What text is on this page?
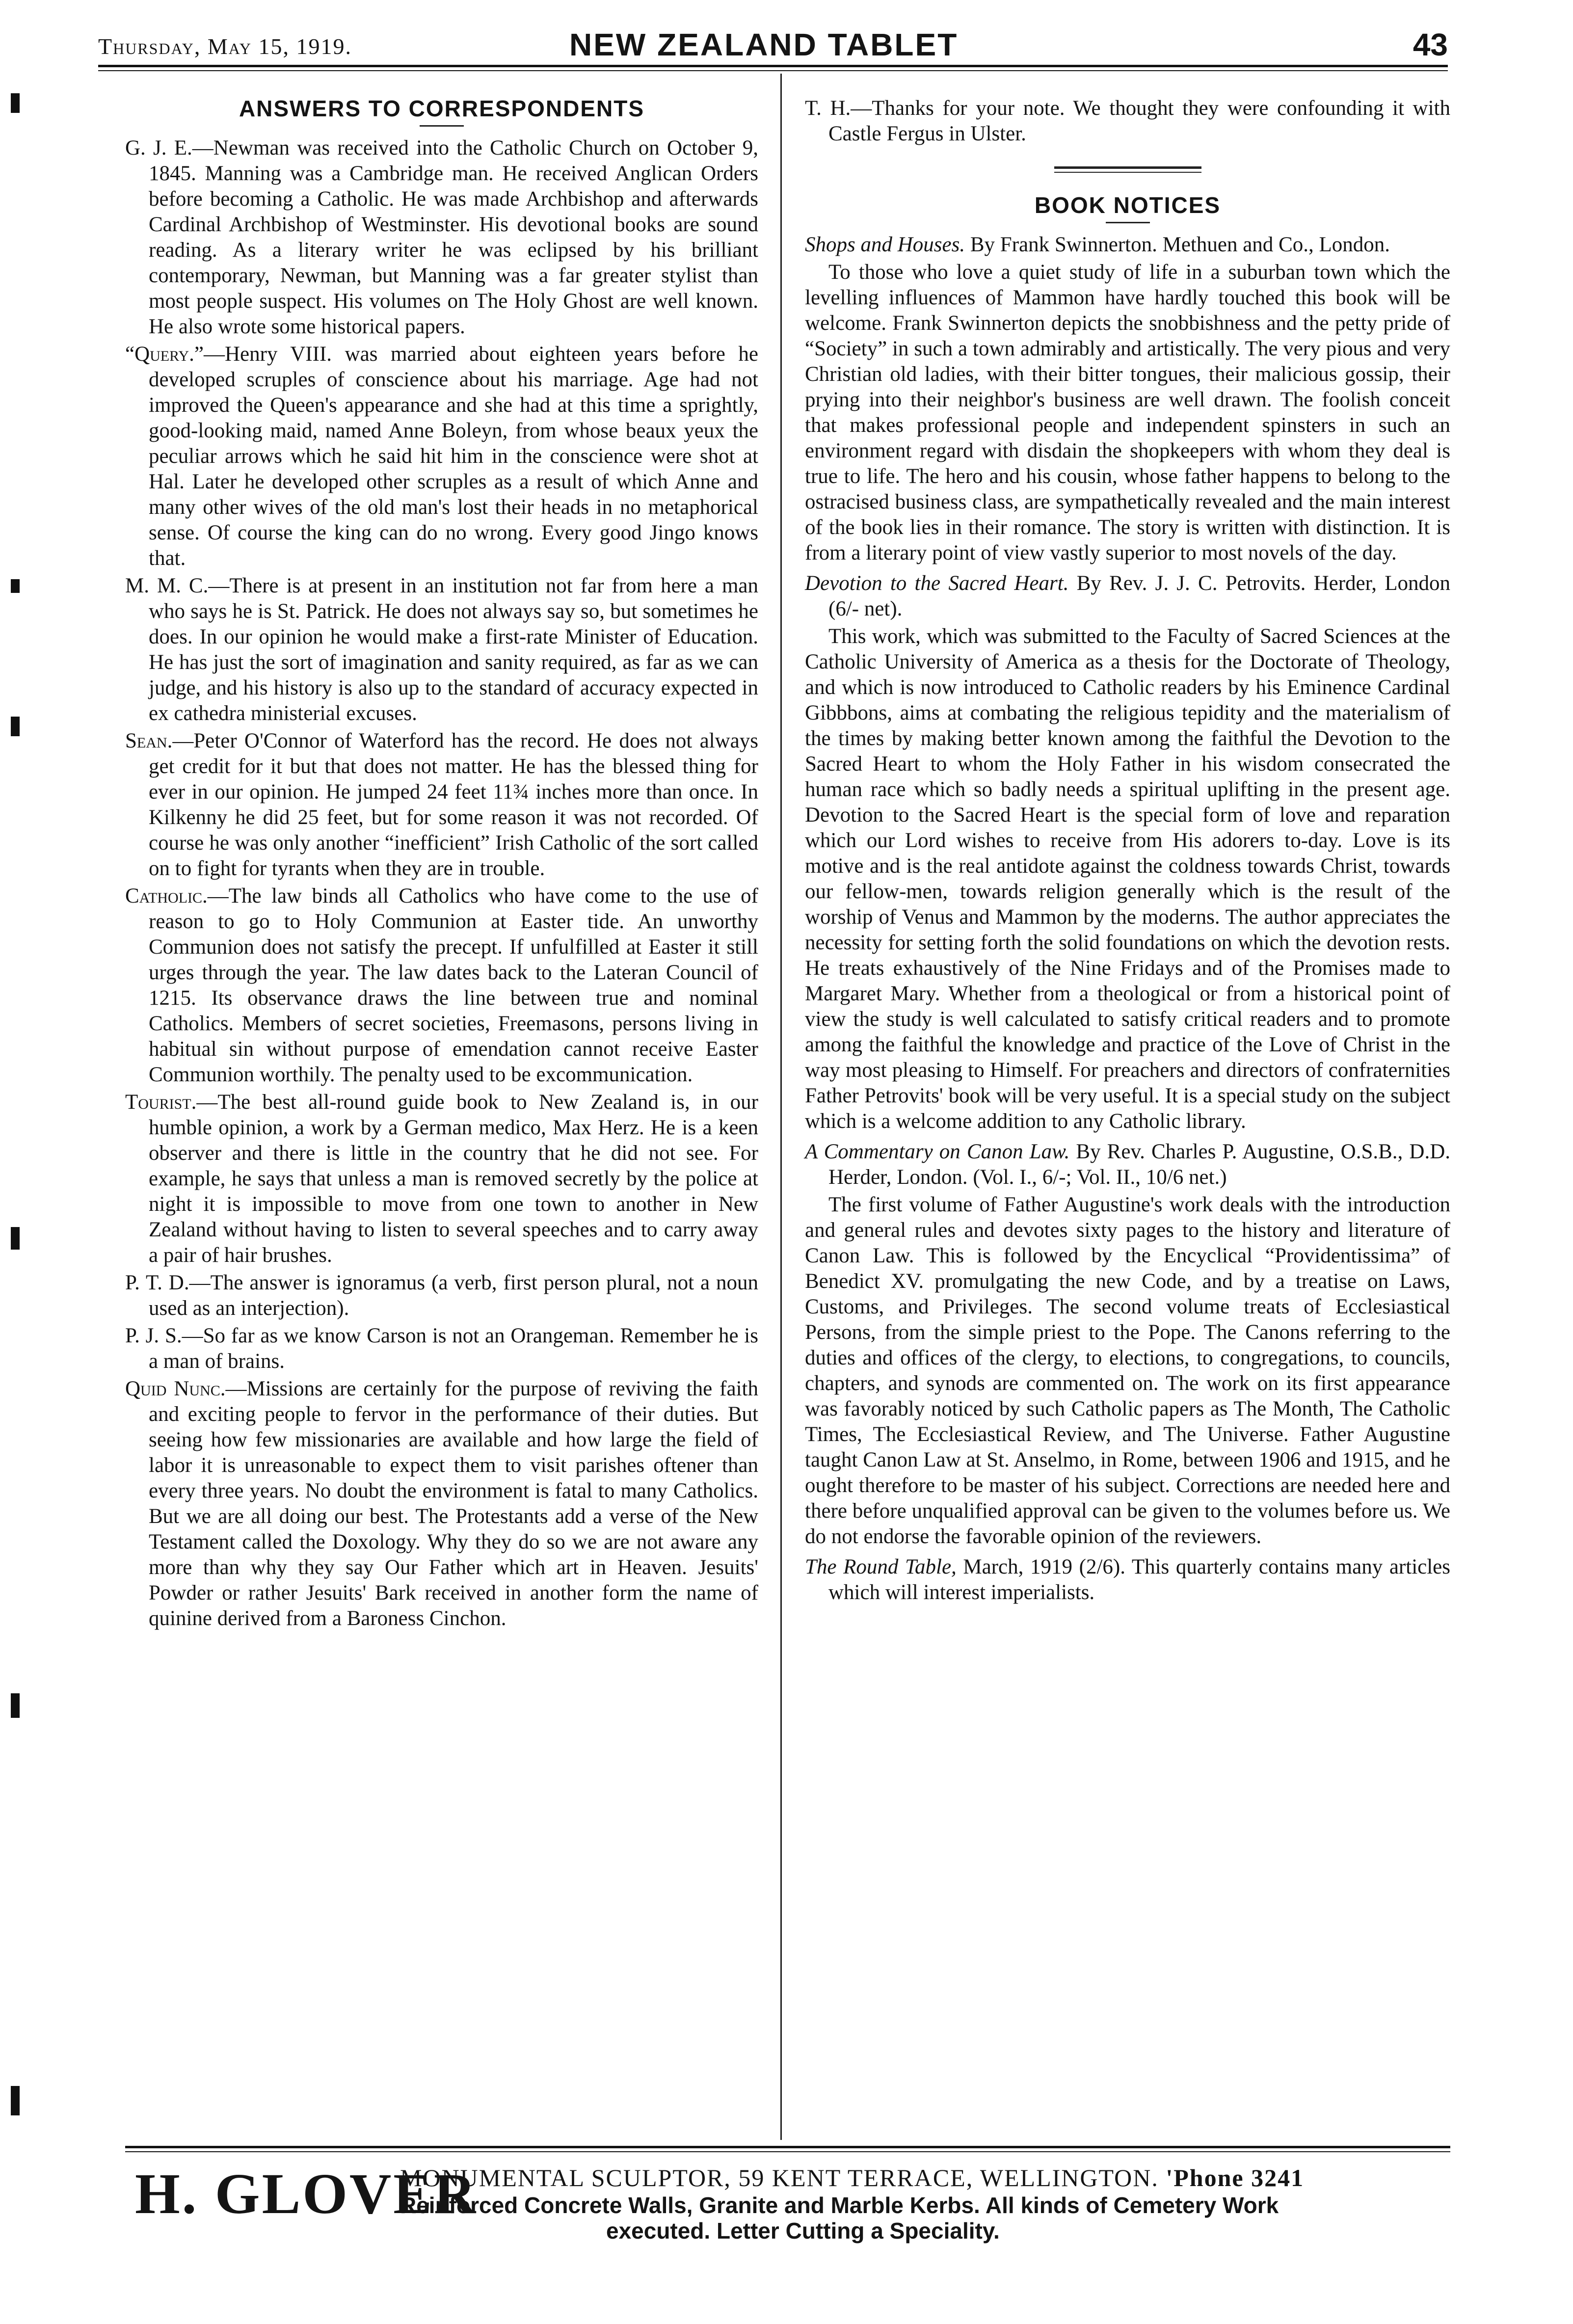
Thursday, May 15, 1919.	NEW ZEALAND TABLET	43
ANSWERS TO CORRESPONDENTS

G. J. E.—Newman was received into the Catholic Church on October 9, 1845. Manning was a Cambridge man. He received Anglican Orders before becoming a Catholic. He was made Archbishop and afterwards Cardinal Archbishop of Westminster. His devotional books are sound reading. As a literary writer he was eclipsed by his brilliant contemporary, Newman, but Manning was a far greater stylist than most people suspect. His volumes on The Holy Ghost are well known. He also wrote some historical papers.

“Query.”—Henry VIII. was married about eighteen years before he developed scruples of conscience about his marriage. Age had not improved the Queen's appearance and she had at this time a sprightly, good-looking maid, named Anne Boleyn, from whose beaux yeux the peculiar arrows which he said hit him in the conscience were shot at Hal. Later he developed other scruples as a result of which Anne and many other wives of the old man's lost their heads in no metaphorical sense. Of course the king can do no wrong. Every good Jingo knows that.

M. M. C.—There is at present in an institution not far from here a man who says he is St. Patrick. He does not always say so, but sometimes he does. In our opinion he would make a first-rate Minister of Education. He has just the sort of imagination and sanity required, as far as we can judge, and his history is also up to the standard of accuracy expected in ex cathedra ministerial excuses.

Sean.—Peter O'Connor of Waterford has the record. He does not always get credit for it but that does not matter. He has the blessed thing for ever in our opinion. He jumped 24 feet 11¾ inches more than once. In Kilkenny he did 25 feet, but for some reason it was not recorded. Of course he was only another “inefficient” Irish Catholic of the sort called on to fight for tyrants when they are in trouble.

Catholic.—The law binds all Catholics who have come to the use of reason to go to Holy Communion at Easter tide. An unworthy Communion does not satisfy the precept. If unfulfilled at Easter it still urges through the year. The law dates back to the Lateran Council of 1215. Its observance draws the line between true and nominal Catholics. Members of secret societies, Freemasons, persons living in habitual sin without purpose of emendation cannot receive Easter Communion worthily. The penalty used to be excommunication.

Tourist.—The best all-round guide book to New Zealand is, in our humble opinion, a work by a German medico, Max Herz. He is a keen observer and there is little in the country that he did not see. For example, he says that unless a man is removed secretly by the police at night it is impossible to move from one town to another in New Zealand without having to listen to several speeches and to carry away a pair of hair brushes.

P. T. D.—The answer is ignoramus (a verb, first person plural, not a noun used as an interjection).

P. J. S.—So far as we know Carson is not an Orangeman. Remember he is a man of brains.

Quid Nunc.—Missions are certainly for the purpose of reviving the faith and exciting people to fervor in the performance of their duties. But seeing how few missionaries are available and how large the field of labor it is unreasonable to expect them to visit parishes oftener than every three years. No doubt the environment is fatal to many Catholics. But we are all doing our best. The Protestants add a verse of the New Testament called the Doxology. Why they do so we are not aware any more than why they say Our Father which art in Heaven. Jesuits' Powder or rather Jesuits' Bark received in another form the name of quinine derived from a Baroness Cinchon.

T. H.—Thanks for your note. We thought they were confounding it with Castle Fergus in Ulster.

BOOK NOTICES

Shops and Houses. By Frank Swinnerton. Methuen and Co., London.

To those who love a quiet study of life in a suburban town which the levelling influences of Mammon have hardly touched this book will be welcome. Frank Swinnerton depicts the snobbishness and the petty pride of “Society” in such a town admirably and artistically. The very pious and very Christian old ladies, with their bitter tongues, their malicious gossip, their prying into their neighbor's business are well drawn. The foolish conceit that makes professional people and independent spinsters in such an environment regard with disdain the shopkeepers with whom they deal is true to life. The hero and his cousin, whose father happens to belong to the ostracised business class, are sympathetically revealed and the main interest of the book lies in their romance. The story is written with distinction. It is from a literary point of view vastly superior to most novels of the day.

Devotion to the Sacred Heart. By Rev. J. J. C. Petrovits. Herder, London (6/- net).

This work, which was submitted to the Faculty of Sacred Sciences at the Catholic University of America as a thesis for the Doctorate of Theology, and which is now introduced to Catholic readers by his Eminence Cardinal Gibbbons, aims at combating the religious tepidity and the materialism of the times by making better known among the faithful the Devotion to the Sacred Heart to whom the Holy Father in his wisdom consecrated the human race which so badly needs a spiritual uplifting in the present age. Devotion to the Sacred Heart is the special form of love and reparation which our Lord wishes to receive from His adorers to-day. Love is its motive and is the real antidote against the coldness towards Christ, towards our fellow-men, towards religion generally which is the result of the worship of Venus and Mammon by the moderns. The author appreciates the necessity for setting forth the solid foundations on which the devotion rests. He treats exhaustively of the Nine Fridays and of the Promises made to Margaret Mary. Whether from a theological or from a historical point of view the study is well calculated to satisfy critical readers and to promote among the faithful the knowledge and practice of the Love of Christ in the way most pleasing to Himself. For preachers and directors of confraternities Father Petrovits' book will be very useful. It is a special study on the subject which is a welcome addition to any Catholic library.

A Commentary on Canon Law. By Rev. Charles P. Augustine, O.S.B., D.D. Herder, London. (Vol. I., 6/-; Vol. II., 10/6 net.)

The first volume of Father Augustine's work deals with the introduction and general rules and devotes sixty pages to the history and literature of Canon Law. This is followed by the Encyclical “Providentissima” of Benedict XV. promulgating the new Code, and by a treatise on Laws, Customs, and Privileges. The second volume treats of Ecclesiastical Persons, from the simple priest to the Pope. The Canons referring to the duties and offices of the clergy, to elections, to congregations, to councils, chapters, and synods are commented on. The work on its first appearance was favorably noticed by such Catholic papers as The Month, The Catholic Times, The Ecclesiastical Review, and The Universe. Father Augustine taught Canon Law at St. Anselmo, in Rome, between 1906 and 1915, and he ought therefore to be master of his subject. Corrections are needed here and there before unqualified approval can be given to the volumes before us. We do not endorse the favorable opinion of the reviewers.

The Round Table, March, 1919 (2/6). This quarterly contains many articles which will interest imperialists.

H. GLOVER
MONUMENTAL SCULPTOR, 59 KENT TERRACE, WELLINGTON. 'Phone 3241
Reinforced Concrete Walls, Granite and Marble Kerbs. All kinds of Cemetery Work
executed. Letter Cutting a Speciality.
